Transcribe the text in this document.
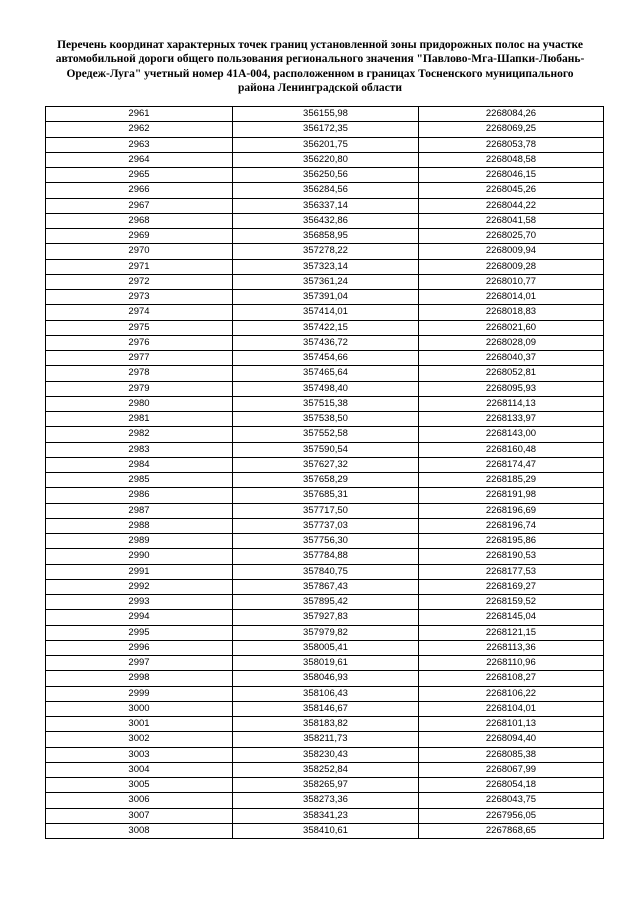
Перечень координат характерных точек границ установленной зоны придорожных полос на участке
автомобильной дороги общего пользования регионального значения "Павлово-Мга-Шапки-Любань-
Оредеж-Луга" учетный номер 41А-004, расположенном в границах Тосненского муниципального
района Ленинградской области
2961	356155,98	2268084,26
2962	356172,35	2268069,25
2963	356201,75	2268053,78
2964	356220,80	2268048,58
2965	356250,56	2268046,15
2966	356284,56	2268045,26
2967	356337,14	2268044,22
2968	356432,86	2268041,58
2969	356858,95	2268025,70
2970	357278,22	2268009,94
2971	357323,14	2268009,28
2972	357361,24	2268010,77
2973	357391,04	2268014,01
2974	357414,01	2268018,83
2975	357422,15	2268021,60
2976	357436,72	2268028,09
2977	357454,66	2268040,37
2978	357465,64	2268052,81
2979	357498,40	2268095,93
2980	357515,38	2268114,13
2981	357538,50	2268133,97
2982	357552,58	2268143,00
2983	357590,54	2268160,48
2984	357627,32	2268174,47
2985	357658,29	2268185,29
2986	357685,31	2268191,98
2987	357717,50	2268196,69
2988	357737,03	2268196,74
2989	357756,30	2268195,86
2990	357784,88	2268190,53
2991	357840,75	2268177,53
2992	357867,43	2268169,27
2993	357895,42	2268159,52
2994	357927,83	2268145,04
2995	357979,82	2268121,15
2996	358005,41	2268113,36
2997	358019,61	2268110,96
2998	358046,93	2268108,27
2999	358106,43	2268106,22
3000	358146,67	2268104,01
3001	358183,82	2268101,13
3002	358211,73	2268094,40
3003	358230,43	2268085,38
3004	358252,84	2268067,99
3005	358265,97	2268054,18
3006	358273,36	2268043,75
3007	358341,23	2267956,05
3008	358410,61	2267868,65
